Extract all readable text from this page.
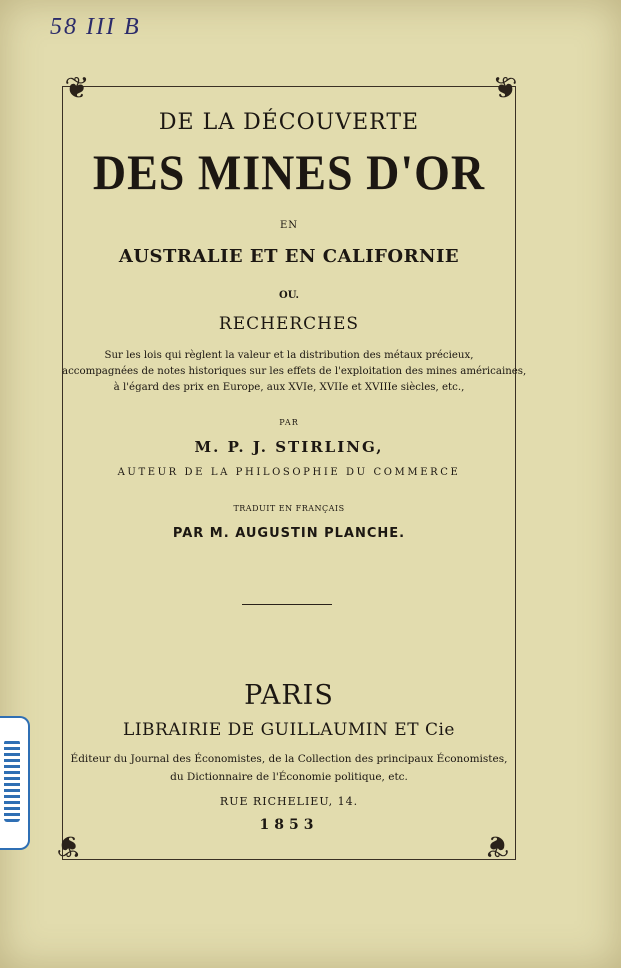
58 III B
❦	❦
❦	❦
DE LA DÉCOUVERTE
DES MINES D'OR
EN
AUSTRALIE ET EN CALIFORNIE
OU.
RECHERCHES
Sur les lois qui règlent la valeur et la distribution des métaux précieux,
accompagnées de notes historiques sur les effets de l'exploitation des mines américaines,
à l'égard des prix en Europe, aux XVIe, XVIIe et XVIIIe siècles, etc.,
PAR
M. P. J. STIRLING,
AUTEUR DE LA PHILOSOPHIE DU COMMERCE
TRADUIT EN FRANÇAIS
PAR M. AUGUSTIN PLANCHE.
PARIS
LIBRAIRIE DE GUILLAUMIN ET Cie
Éditeur du Journal des Économistes, de la Collection des principaux Économistes,
du Dictionnaire de l'Économie politique, etc.
RUE RICHELIEU, 14.
1853
